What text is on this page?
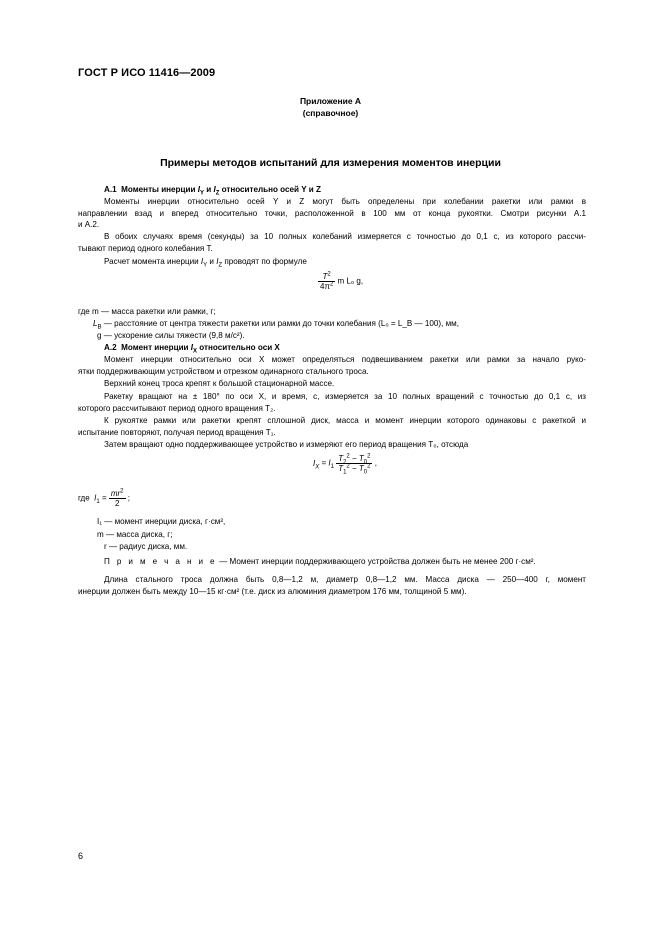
ГОСТ Р ИСО 11416—2009
Приложение А
(справочное)
Примеры методов испытаний для измерения моментов инерции
А.1 Моменты инерции $I_Y$ и $I_Z$ относительно осей Y и Z
Моменты инерции относительно осей Y и Z могут быть определены при колебании ракетки или рамки в
направлении взад и вперед относительно точки, расположенной в 100 мм от конца рукоятки. Смотри рисунки А.1
и А.2.
В обоих случаях время (секунды) за 10 полных колебаний измеряется с точностью до 0,1 с, из которого рассчи-
тывают период одного колебания T.
Расчет момента инерции $I_Y$ и $I_Z$ проводят по формуле
$\frac{T^2}{4\pi^2}$ m L₀ g,
где m — масса ракетки или рамки, г;
$L_B$ — расстояние от центра тяжести ракетки или рамки до точки колебания (L₀ = L_B — 100), мм,
g — ускорение силы тяжести (9,8 м/с²).
А.2 Момент инерции $I_X$ относительно оси X
Момент инерции относительно оси X может определяться подвешиванием ракетки или рамки за начало руко-
ятки поддерживающим устройством и отрезком одинарного стального троса.
Верхний конец троса крепят к большой стационарной массе.
Ракетку вращают на ± 180° по оси X, и время, с, измеряется за 10 полных вращений с точностью до 0,1 с, из
которого рассчитывают период одного вращения T₂.
К рукоятке рамки или ракетки крепят сплошной диск, масса и момент инерции которого одинаковы с ракеткой и
испытание повторяют, получая период вращения T₁.
Затем вращают одно поддерживающее устройство и измеряют его период вращения T₀, отсюда
$I_X = I_1 \frac{T_2^2 - T_0^2}{T_1^2 - T_0^2}$ ,
где $I_1 = \frac{mr^2}{2}$ ;
I₁ — момент инерции диска, г·см²,
m — масса диска, г;
r — радиус диска, мм.
П р и м е ч а н и е — Момент инерции поддерживающего устройства должен быть не менее 200 г·см².
Длина стального троса должна быть 0,8—1,2 м, диаметр 0,8—1,2 мм. Масса диска — 250—400 г, момент
инерции должен быть между 10—15 кг·см² (т.е. диск из алюминия диаметром 176 мм, толщиной 5 мм).
6
